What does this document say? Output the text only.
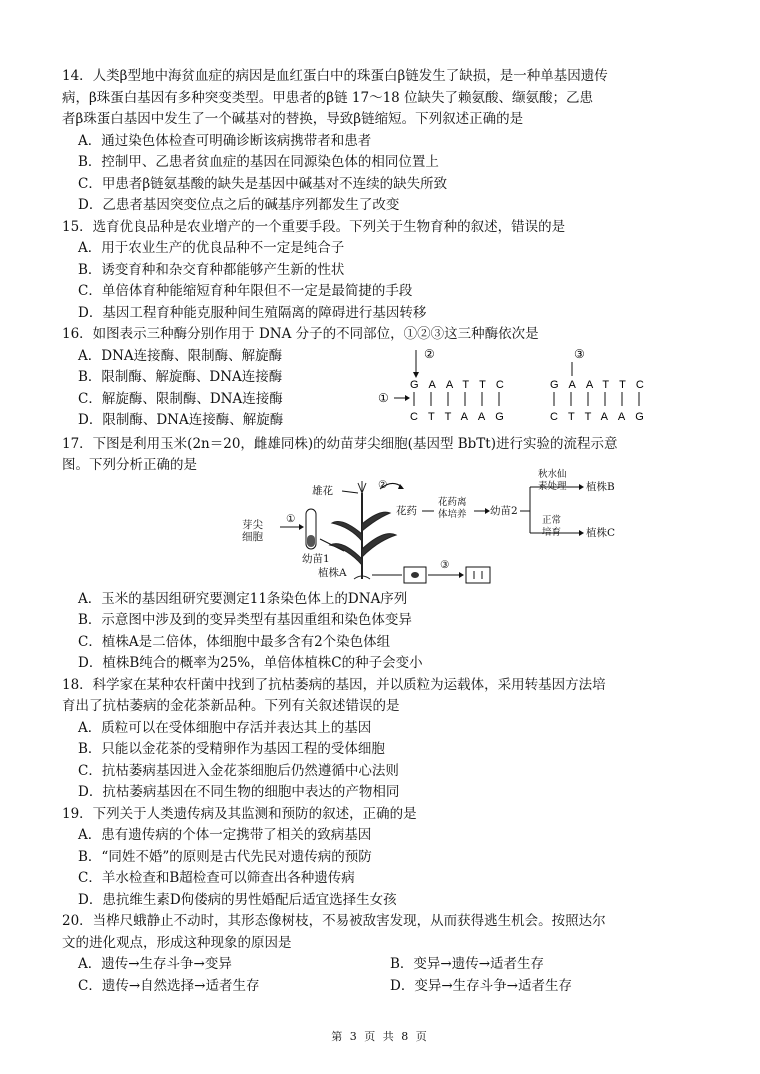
14．人类β型地中海贫血症的病因是血红蛋白中的珠蛋白β链发生了缺损，是一种单基因遗传
病，β珠蛋白基因有多种突变类型。甲患者的β链 17～18 位缺失了赖氨酸、缬氨酸；乙患
者β珠蛋白基因中发生了一个碱基对的替换，导致β链缩短。下列叙述正确的是
A．通过染色体检查可明确诊断该病携带者和患者
B．控制甲、乙患者贫血症的基因在同源染色体的相同位置上
C．甲患者β链氨基酸的缺失是基因中碱基对不连续的缺失所致
D．乙患者基因突变位点之后的碱基序列都发生了改变
15．选育优良品种是农业增产的一个重要手段。下列关于生物育种的叙述，错误的是
A．用于农业生产的优良品种不一定是纯合子
B．诱变育种和杂交育种都能够产生新的性状
C．单倍体育种能缩短育种年限但不一定是最简捷的手段
D．基因工程育种能克服种间生殖隔离的障碍进行基因转移
16．如图表示三种酶分别作用于 DNA 分子的不同部位，①②③这三种酶依次是
A．DNA连接酶、限制酶、解旋酶
B．限制酶、解旋酶、DNA连接酶
C．解旋酶、限制酶、DNA连接酶
D．限制酶、DNA连接酶、解旋酶
②
①
GAATTC
CTTAAG
③
GAATTC
CTTAAG
17．下图是利用玉米(2n＝20，雌雄同株)的幼苗芽尖细胞(基因型 BbTt)进行实验的流程示意
图。下列分析正确的是
芽尖
细胞
①
雄花	②
花药
花药离
体培养 幼苗2
秋水仙
素处理 植株B
正常
培育 植株C
幼苗1
植株A
③
A．玉米的基因组研究要测定11条染色体上的DNA序列
B．示意图中涉及到的变异类型有基因重组和染色体变异
C．植株A是二倍体，体细胞中最多含有2个染色体组
D．植株B纯合的概率为25%，单倍体植株C的种子会变小
18．科学家在某种农杆菌中找到了抗枯萎病的基因，并以质粒为运载体，采用转基因方法培
育出了抗枯萎病的金花茶新品种。下列有关叙述错误的是
A．质粒可以在受体细胞中存活并表达其上的基因
B．只能以金花茶的受精卵作为基因工程的受体细胞
C．抗枯萎病基因进入金花茶细胞后仍然遵循中心法则
D．抗枯萎病基因在不同生物的细胞中表达的产物相同
19．下列关于人类遗传病及其监测和预防的叙述，正确的是
A．患有遗传病的个体一定携带了相关的致病基因
B．“同姓不婚”的原则是古代先民对遗传病的预防
C．羊水检查和B超检查可以筛查出各种遗传病
D．患抗维生素D佝偻病的男性婚配后适宜选择生女孩
20．当桦尺蛾静止不动时，其形态像树枝，不易被敌害发现，从而获得逃生机会。按照达尔
文的进化观点，形成这种现象的原因是
A．遗传→生存斗争→变异	B．变异→遗传→适者生存
C．遗传→自然选择→适者生存	D．变异→生存斗争→适者生存
第 3 页 共 8 页
